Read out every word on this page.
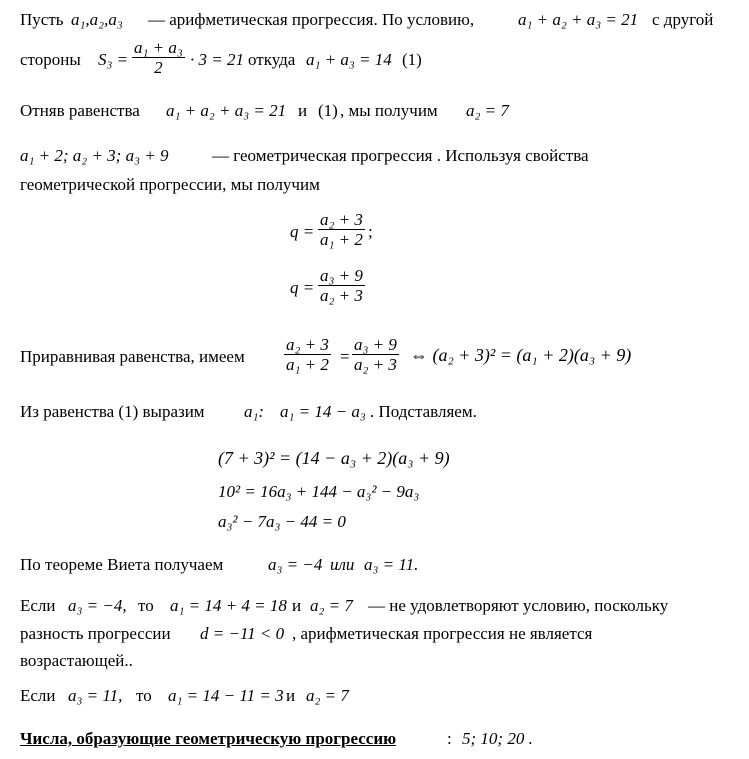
Пусть a₁,a₂,a₃ — арифметическая прогрессия. По условию,	a₁ + a₂ + a₃ = 21 с другой
стороны $S_3 = \frac{\text{a₁ + a₃}}{2} \cdot 3 = 21$ откуда a₁ + a₃ = 14 (1)
Отняв равенства a₁ + a₂ + a₃ = 21 и (1) , мы получим a₂ = 7
a₁ + 2; a₂ + 3; a₃ + 9	— геометрическая прогрессия . Используя свойства
геометрической прогрессии, мы получим
$q = \frac{\text{a₂ + 3}}{\text{a₁ + 2}}$ ;
$q = \frac{\text{a₃ + 9}}{\text{a₂ + 3}}$
Приравнивая равенства, имеем $\frac{\text{a₂ + 3}}{\text{a₁ + 2}} = \frac{\text{a₃ + 9}}{\text{a₂ + 3}}$ ⇔ (a₂ + 3)² = (a₁ + 2)(a₃ + 9)
Из равенства (1) выразим a₁: a₁ = 14 − a₃ . Подставляем.
(7 + 3)² = (14 − a₃ + 2)(a₃ + 9)
10² = 16a₃ + 144 − a₃² − 9a₃
a₃² − 7a₃ − 44 = 0
По теореме Виета получаем	a₃ = −4 или a₃ = 11.
Если a₃ = −4, то a₁ = 14 + 4 = 18 и a₂ = 7 — не удовлетворяют условию, поскольку
разность прогрессии d = −11 < 0 , арифметическая прогрессия не является
возрастающей..
Если a₃ = 11, то a₁ = 14 − 11 = 3 и a₂ = 7
Числа, образующие геометрическую прогрессию	: 5; 10; 20 .
